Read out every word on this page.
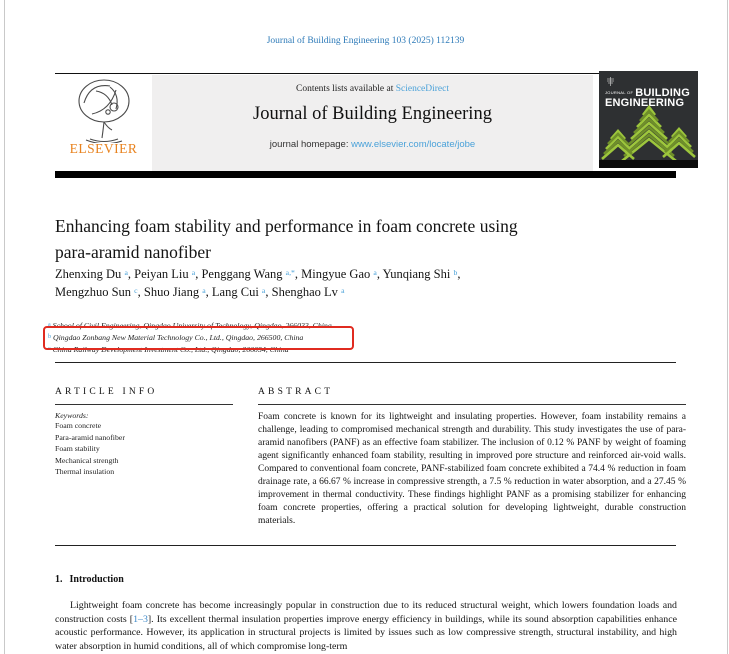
Journal of Building Engineering 103 (2025) 112139
ELSEVIER
Contents lists available at ScienceDirect
Journal of Building Engineering
journal homepage: www.elsevier.com/locate/jobe
JOURNAL OF BUILDING
ENGINEERING
Enhancing foam stability and performance in foam concrete using
para-aramid nanofiber
Zhenxing Du $^a$, Peiyan Liu $^a$, Penggang Wang $^{a,*}$, Mingyue Gao $^a$, Yunqiang Shi $^b$,
Mengzhuo Sun $^c$, Shuo Jiang $^a$, Lang Cui $^a$, Shenghao Lv $^a$
$^a$ School of Civil Engineering, Qingdao University of Technology, Qingdao, 266033, China
$^b$ Qingdao Zonbang New Material Technology Co., Ltd., Qingdao, 266500, China
$^c$ China Railway Development Investment Co., Ltd., Qingdao, 266034, China
ARTICLE INFO
Keywords:
Foam concrete
Para-aramid nanofiber
Foam stability
Mechanical strength
Thermal insulation
ABSTRACT
Foam concrete is known for its lightweight and insulating properties. However, foam instability remains a challenge, leading to compromised mechanical strength and durability. This study investigates the use of para-aramid nanofibers (PANF) as an effective foam stabilizer. The inclusion of 0.12 % PANF by weight of foaming agent significantly enhanced foam stability, resulting in improved pore structure and reinforced air-void walls. Compared to conventional foam concrete, PANF-stabilized foam concrete exhibited a 74.4 % reduction in foam drainage rate, a 66.67 % increase in compressive strength, a 7.5 % reduction in water absorption, and a 27.45 % improvement in thermal conductivity. These findings highlight PANF as a promising stabilizer for enhancing foam concrete properties, offering a practical solution for developing lightweight, durable construction materials.
1. Introduction
Lightweight foam concrete has become increasingly popular in construction due to its reduced structural weight, which lowers foundation loads and construction costs [1–3]. Its excellent thermal insulation properties improve energy efficiency in buildings, while its sound absorption capabilities enhance acoustic performance. However, its application in structural projects is limited by issues such as low compressive strength, structural instability, and high water absorption in humid conditions, all of which compromise long-term
